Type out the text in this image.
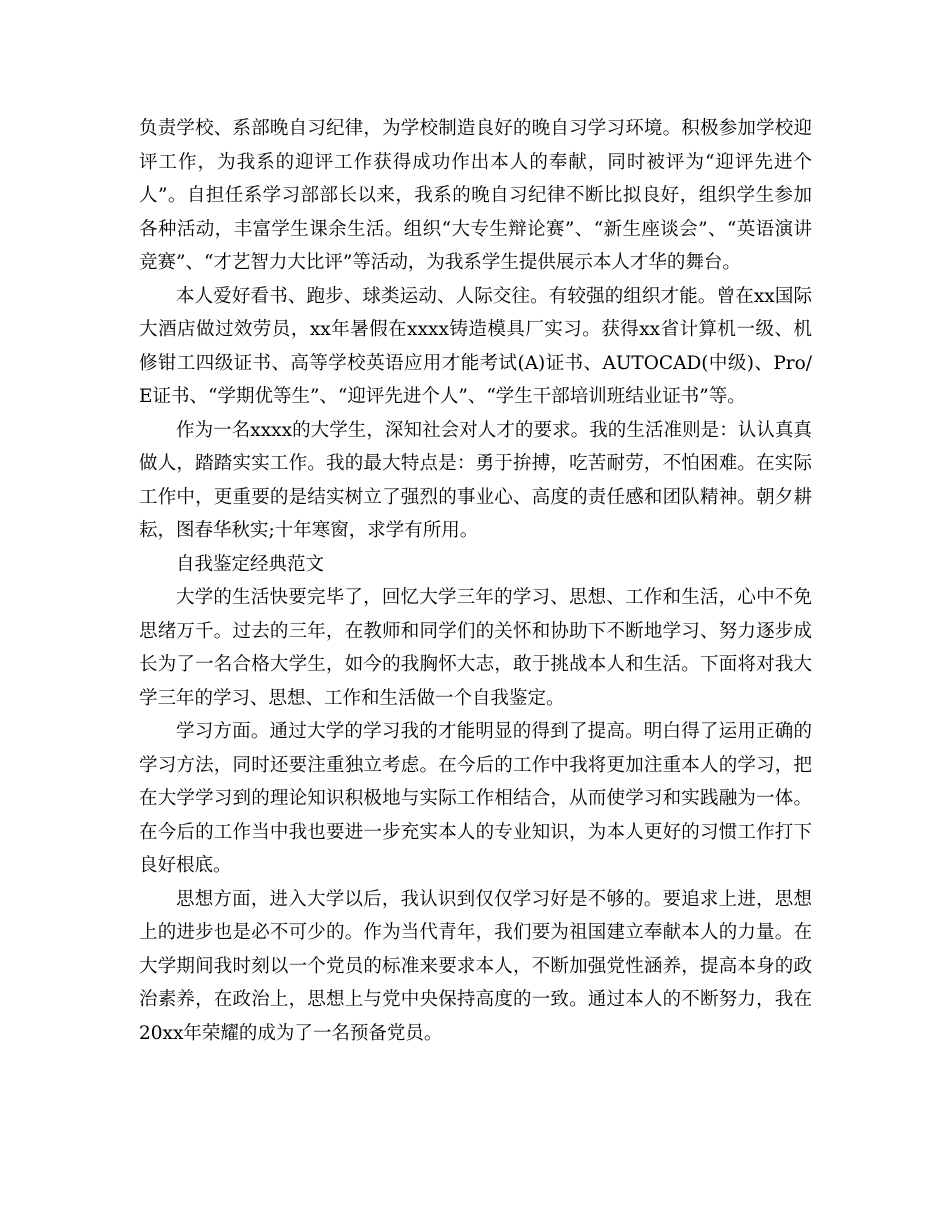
负责学校、系部晚自习纪律，为学校制造良好的晚自习学习环境。积极参加学校迎评工作，为我系的迎评工作获得成功作出本人的奉献，同时被评为“迎评先进个人”。自担任系学习部部长以来，我系的晚自习纪律不断比拟良好，组织学生参加各种活动，丰富学生课余生活。组织“大专生辩论赛”、“新生座谈会”、“英语演讲竞赛”、“才艺智力大比评”等活动，为我系学生提供展示本人才华的舞台。

本人爱好看书、跑步、球类运动、人际交往。有较强的组织才能。曾在xx国际大酒店做过效劳员，xx年暑假在xxxx铸造模具厂实习。获得xx省计算机一级、机修钳工四级证书、高等学校英语应用才能考试(A)证书、AUTOCAD(中级)、Pro/E证书、“学期优等生”、“迎评先进个人”、“学生干部培训班结业证书”等。

作为一名xxxx的大学生，深知社会对人才的要求。我的生活准则是：认认真真做人，踏踏实实工作。我的最大特点是：勇于拚搏，吃苦耐劳，不怕困难。在实际工作中，更重要的是结实树立了强烈的事业心、高度的责任感和团队精神。朝夕耕耘，图春华秋实;十年寒窗，求学有所用。

自我鉴定经典范文

大学的生活快要完毕了，回忆大学三年的学习、思想、工作和生活，心中不免思绪万千。过去的三年，在教师和同学们的关怀和协助下不断地学习、努力逐步成长为了一名合格大学生，如今的我胸怀大志，敢于挑战本人和生活。下面将对我大学三年的学习、思想、工作和生活做一个自我鉴定。

学习方面。通过大学的学习我的才能明显的得到了提高。明白得了运用正确的学习方法，同时还要注重独立考虑。在今后的工作中我将更加注重本人的学习，把在大学学习到的理论知识积极地与实际工作相结合，从而使学习和实践融为一体。在今后的工作当中我也要进一步充实本人的专业知识，为本人更好的习惯工作打下良好根底。

思想方面，进入大学以后，我认识到仅仅学习好是不够的。要追求上进，思想上的进步也是必不可少的。作为当代青年，我们要为祖国建立奉献本人的力量。在大学期间我时刻以一个党员的标准来要求本人，不断加强党性涵养，提高本身的政治素养，在政治上，思想上与党中央保持高度的一致。通过本人的不断努力，我在20xx年荣耀的成为了一名预备党员。
